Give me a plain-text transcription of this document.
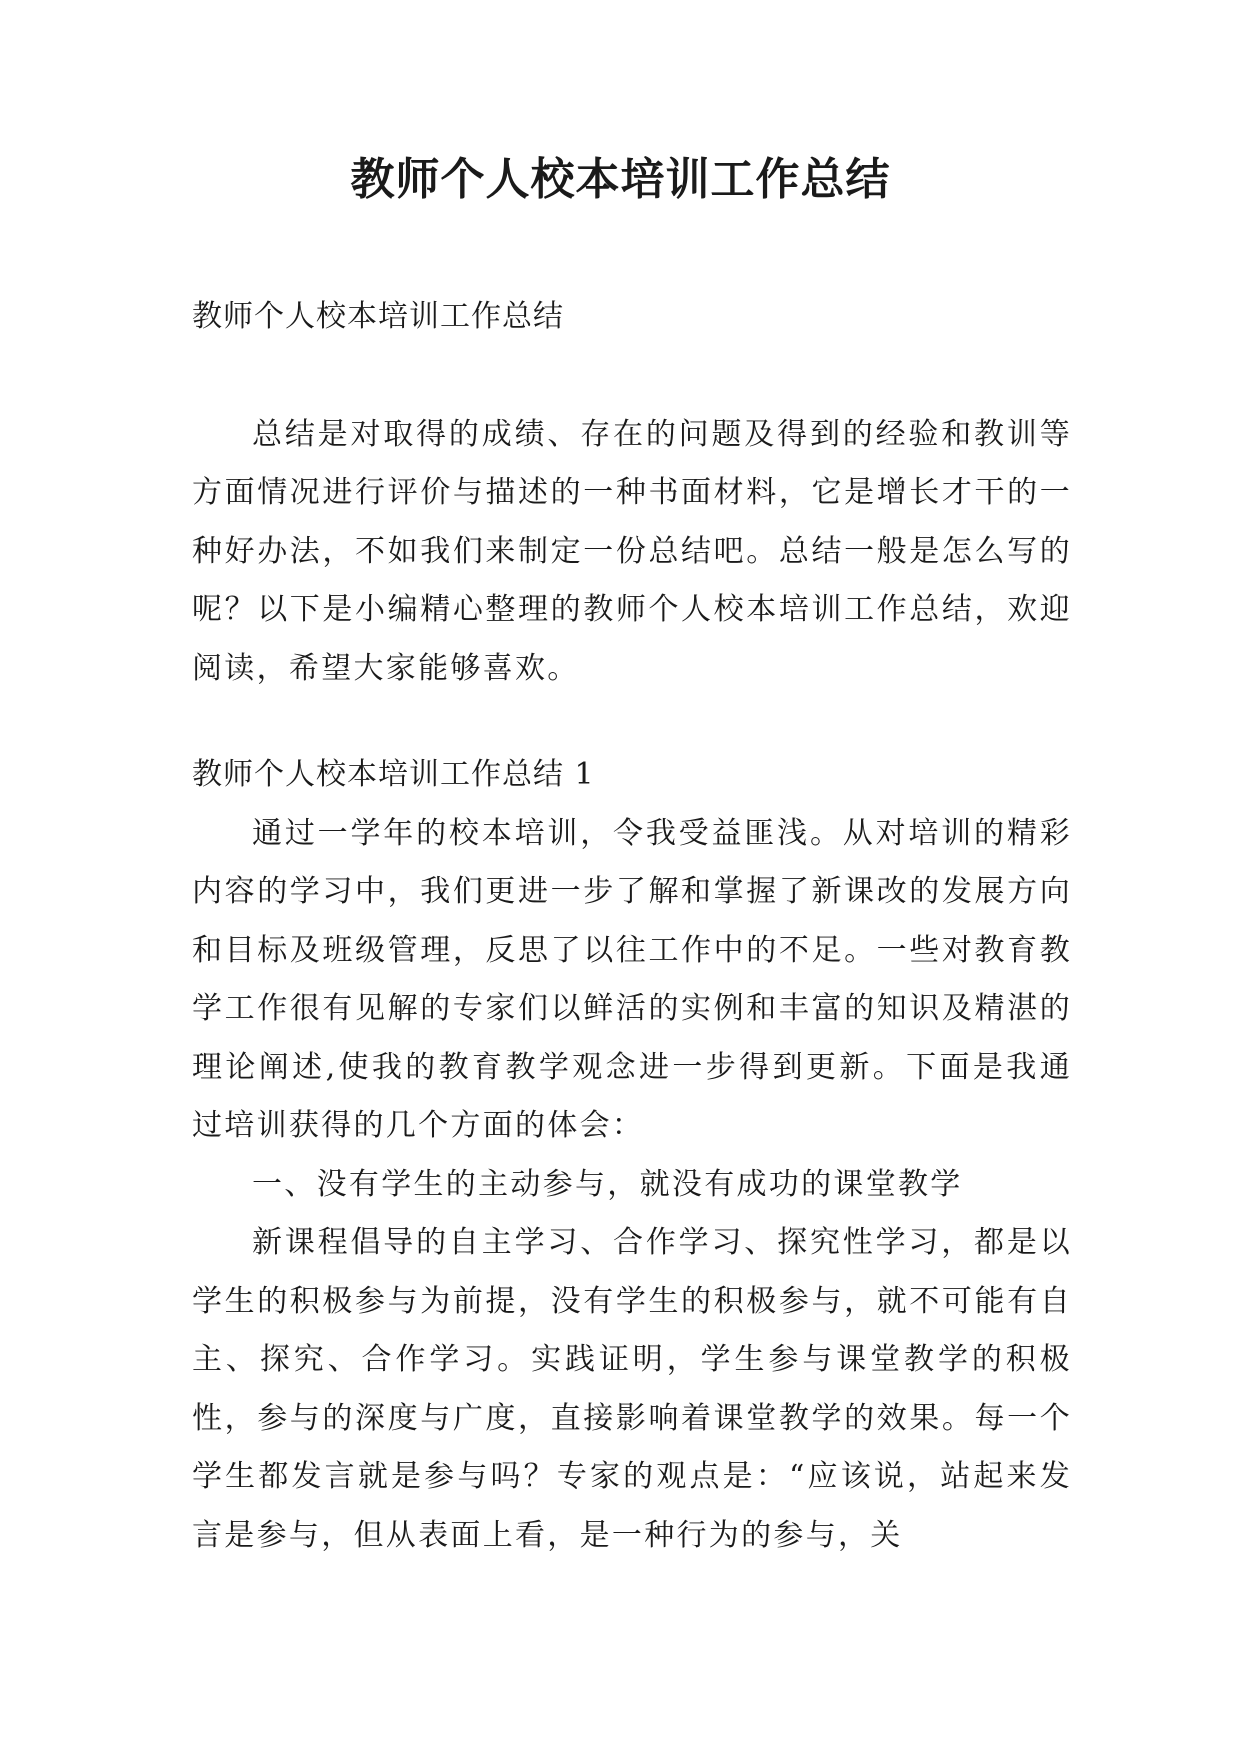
教师个人校本培训工作总结

教师个人校本培训工作总结

总结是对取得的成绩、存在的问题及得到的经验和教训等方面情况进行评价与描述的一种书面材料，它是增长才干的一种好办法，不如我们来制定一份总结吧。总结一般是怎么写的呢？以下是小编精心整理的教师个人校本培训工作总结，欢迎阅读，希望大家能够喜欢。

教师个人校本培训工作总结 1

通过一学年的校本培训，令我受益匪浅。从对培训的精彩内容的学习中，我们更进一步了解和掌握了新课改的发展方向和目标及班级管理，反思了以往工作中的不足。一些对教育教学工作很有见解的专家们以鲜活的实例和丰富的知识及精湛的理论阐述,使我的教育教学观念进一步得到更新。下面是我通过培训获得的几个方面的体会：

一、没有学生的主动参与，就没有成功的课堂教学

新课程倡导的自主学习、合作学习、探究性学习，都是以学生的积极参与为前提，没有学生的积极参与，就不可能有自主、探究、合作学习。实践证明，学生参与课堂教学的积极性，参与的深度与广度，直接影响着课堂教学的效果。每一个学生都发言就是参与吗？专家的观点是：“应该说，站起来发言是参与，但从表面上看，是一种行为的参与，关
